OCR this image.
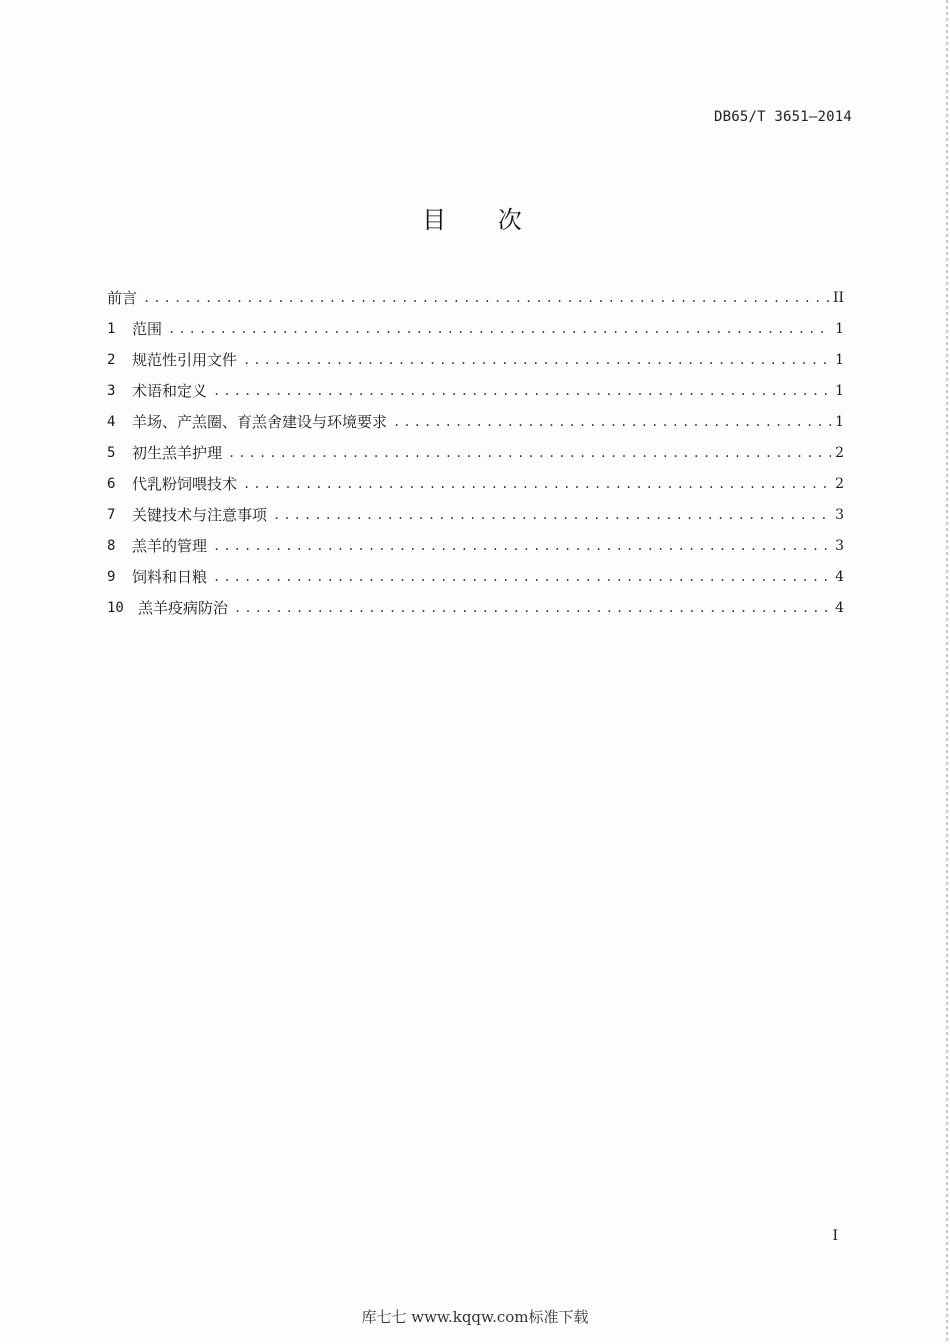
DB65/T 3651—2014
目 次
前言 .....	II
1	范围 .....	1
2	规范性引用文件 .....	1
3	术语和定义 .....	1
4	羊场、产羔圈、育羔舍建设与环境要求 .....	1
5	初生羔羊护理 .....	2
6	代乳粉饲喂技术 .....	2
7	关键技术与注意事项 .....	3
8	羔羊的管理 .....	3
9	饲料和日粮 .....	4
10 羔羊疫病防治 .....	4
I
库七七 www.kqqw.com标准下载
